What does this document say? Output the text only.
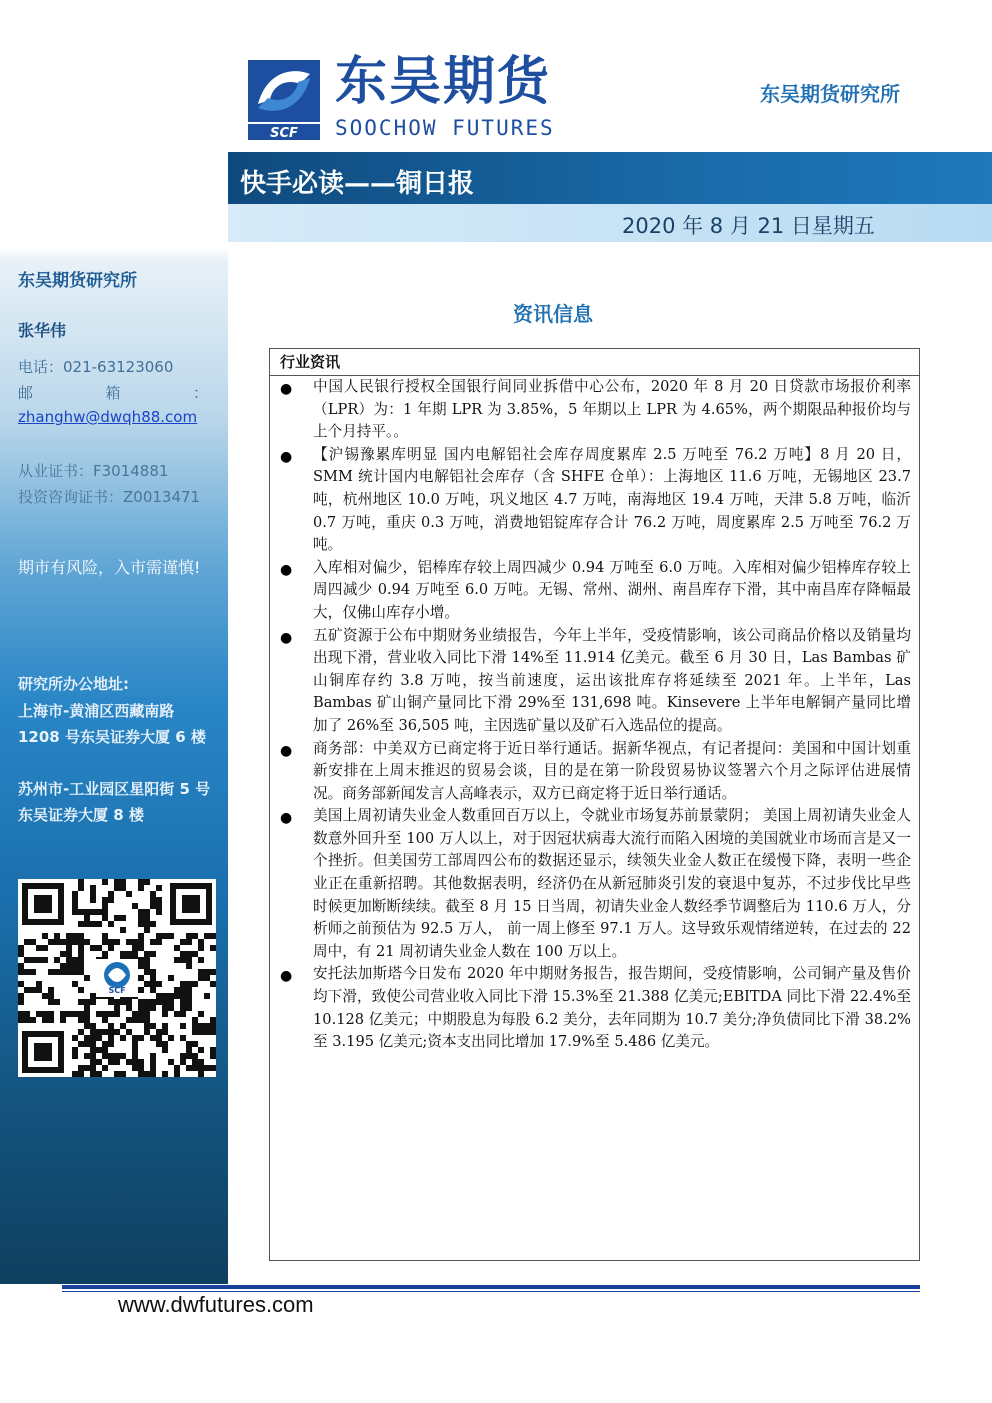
东吴期货研究所
张华伟
电话：021-63123060
邮	箱	：
zhanghw@dwqh88.com
从业证书：F3014881
投资咨询证书：Z0013471
期市有风险，入市需谨慎!
研究所办公地址:
上海市-黄浦区西藏南路 1208 号东吴证券大厦 6 楼
苏州市-工业园区星阳街 5 号东吴证券大厦 8 楼
SCF
SCF
东吴期货
SOOCHOW FUTURES
东吴期货研究所
快手必读——铜日报
2020 年 8 月 21 日星期五
资讯信息
行业资讯
● 中国人民银行授权全国银行间同业拆借中心公布，2020 年 8 月 20 日贷款市场报价利率（LPR）为：1 年期 LPR 为 3.85%，5 年期以上 LPR 为 4.65%，两个期限品种报价均与上个月持平。。
● 【沪锡豫累库明显 国内电解铝社会库存周度累库 2.5 万吨至 76.2 万吨】8 月 20 日，SMM 统计国内电解铝社会库存（含 SHFE 仓单）：上海地区 11.6 万吨，无锡地区 23.7 吨，杭州地区 10.0 万吨，巩义地区 4.7 万吨，南海地区 19.4 万吨，天津 5.8 万吨，临沂 0.7 万吨，重庆 0.3 万吨，消费地铝锭库存合计 76.2 万吨，周度累库 2.5 万吨至 76.2 万吨。
● 入库相对偏少，铝棒库存较上周四减少 0.94 万吨至 6.0 万吨。入库相对偏少铝棒库存较上周四减少 0.94 万吨至 6.0 万吨。无锡、常州、湖州、南昌库存下滑，其中南昌库存降幅最大，仅佛山库存小增。
● 五矿资源于公布中期财务业绩报告，今年上半年，受疫情影响，该公司商品价格以及销量均出现下滑，营业收入同比下滑 14%至 11.914 亿美元。截至 6 月 30 日，Las Bambas 矿山铜库存约 3.8 万吨，按当前速度，运出该批库存将延续至 2021 年。上半年，Las Bambas 矿山铜产量同比下滑 29%至 131,698 吨。Kinsevere 上半年电解铜产量同比增加了 26%至 36,505 吨，主因选矿量以及矿石入选品位的提高。
● 商务部：中美双方已商定将于近日举行通话。据新华视点，有记者提问：美国和中国计划重新安排在上周末推迟的贸易会谈，目的是在第一阶段贸易协议签署六个月之际评估进展情况。商务部新闻发言人高峰表示，双方已商定将于近日举行通话。
● 美国上周初请失业金人数重回百万以上，令就业市场复苏前景蒙阴； 美国上周初请失业金人数意外回升至 100 万人以上，对于因冠状病毒大流行而陷入困境的美国就业市场而言是又一个挫折。但美国劳工部周四公布的数据还显示，续领失业金人数正在缓慢下降，表明一些企业正在重新招聘。其他数据表明，经济仍在从新冠肺炎引发的衰退中复苏，不过步伐比早些时候更加断断续续。截至 8 月 15 日当周，初请失业金人数经季节调整后为 110.6 万人，分析师之前预估为 92.5 万人， 前一周上修至 97.1 万人。这导致乐观情绪逆转，在过去的 22 周中，有 21 周初请失业金人数在 100 万以上。
● 安托法加斯塔今日发布 2020 年中期财务报告，报告期间，受疫情影响，公司铜产量及售价均下滑，致使公司营业收入同比下滑 15.3%至 21.388 亿美元;EBITDA 同比下滑 22.4%至 10.128 亿美元；中期股息为每股 6.2 美分，去年同期为 10.7 美分;净负债同比下滑 38.2%至 3.195 亿美元;资本支出同比增加 17.9%至 5.486 亿美元。
www.dwfutures.com
